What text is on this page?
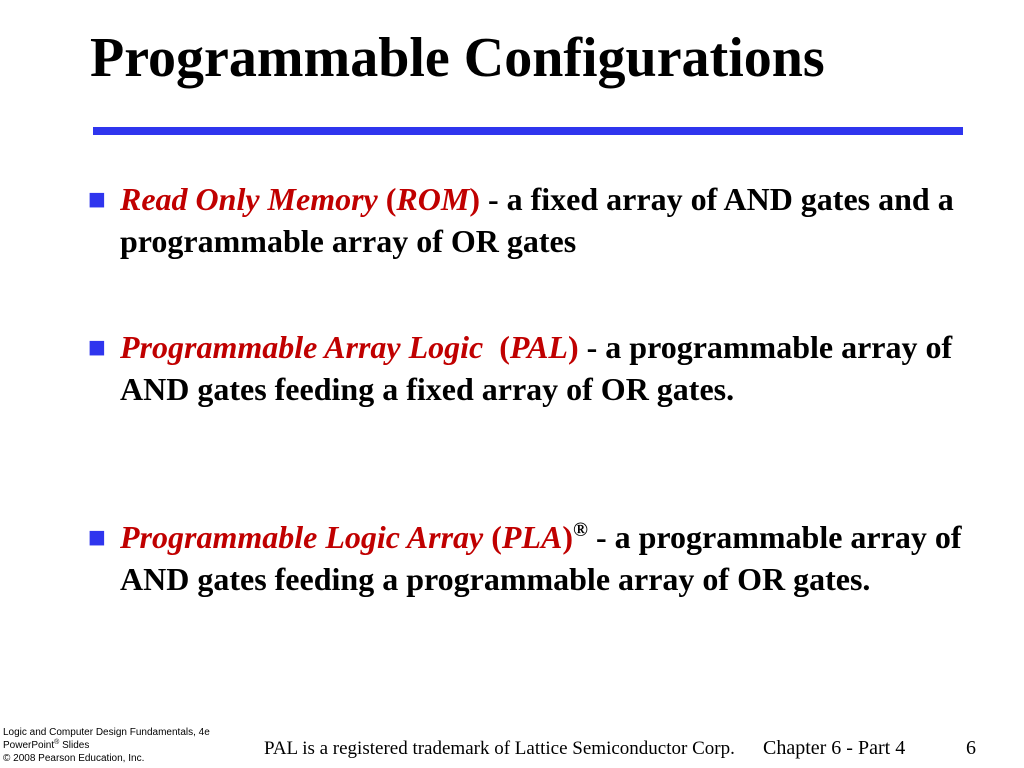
Programmable Configurations
■ Read Only Memory (ROM) - a fixed array of AND gates and a programmable array of OR gates
■ Programmable Array Logic  (PAL) - a programmable array of AND gates feeding a fixed array of OR gates.
■ Programmable Logic Array (PLA)® - a programmable array of AND gates feeding a programmable array of OR gates.
Logic and Computer Design Fundamentals, 4e
PowerPoint® Slides
© 2008 Pearson Education, Inc.	PAL is a registered trademark of Lattice Semiconductor Corp. Chapter 6 - Part 4	6
